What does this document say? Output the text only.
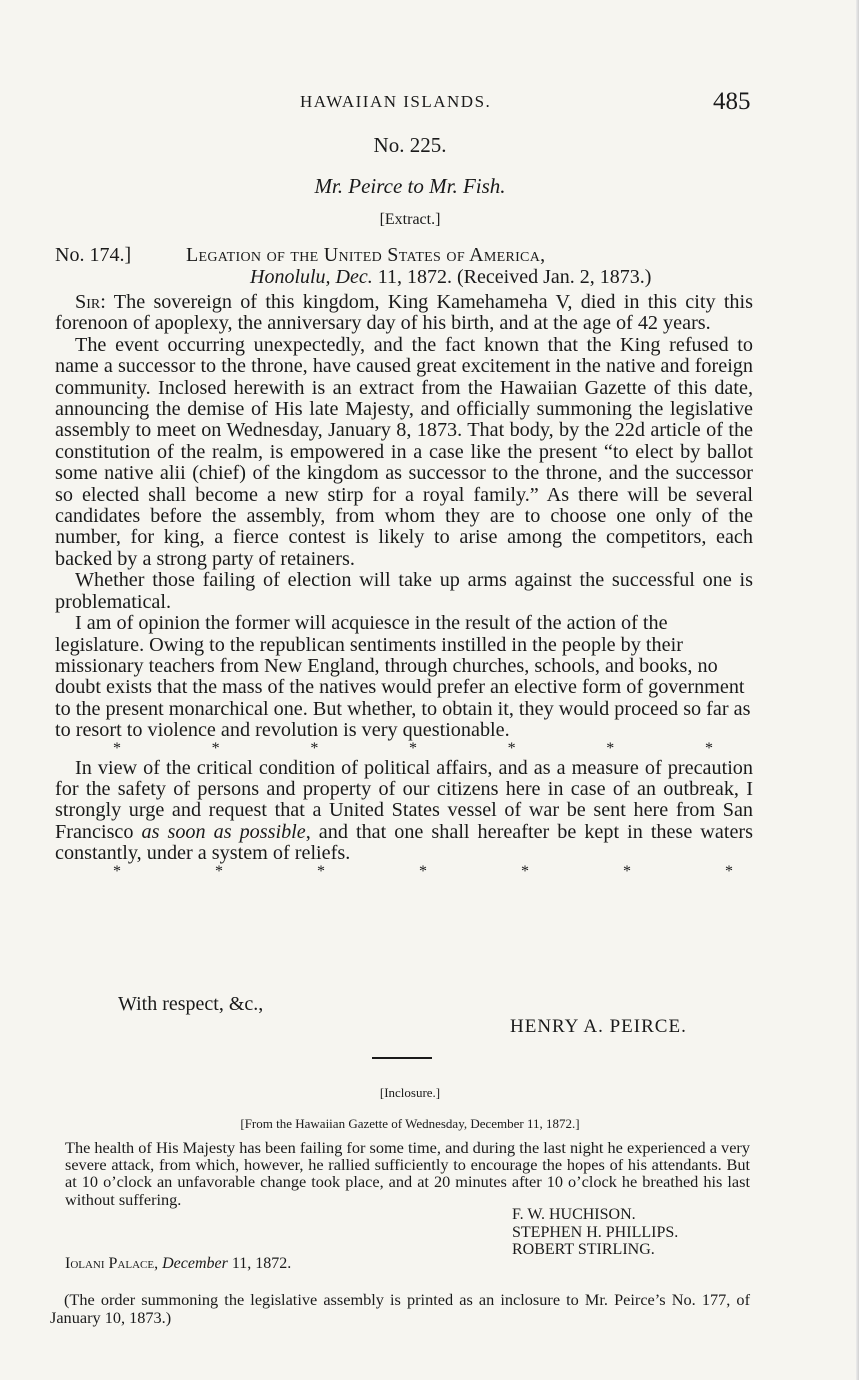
HAWAIIAN ISLANDS.	485
No. 225.
Mr. Peirce to Mr. Fish.
[Extract.]
No. 174.]	Legation of the United States of America,
Honolulu, Dec. 11, 1872. (Received Jan. 2, 1873.)

Sir: The sovereign of this kingdom, King Kamehameha V, died in this city this forenoon of apoplexy, the anniversary day of his birth, and at the age of 42 years.

The event occurring unexpectedly, and the fact known that the King refused to name a successor to the throne, have caused great excitement in the native and foreign community. Inclosed herewith is an extract from the Hawaiian Gazette of this date, announcing the demise of His late Majesty, and officially summoning the legislative assembly to meet on Wednesday, January 8, 1873. That body, by the 22d article of the constitution of the realm, is empowered in a case like the present “to elect by ballot some native alii (chief) of the kingdom as successor to the throne, and the successor so elected shall become a new stirp for a royal family.” As there will be several candidates before the assembly, from whom they are to choose one only of the number, for king, a fierce contest is likely to arise among the competitors, each backed by a strong party of retainers.

Whether those failing of election will take up arms against the successful one is problematical.

I am of opinion the former will acquiesce in the result of the action of the legislature. Owing to the republican sentiments instilled in the people by their missionary teachers from New England, through churches, schools, and books, no doubt exists that the mass of the natives would prefer an elective form of government to the present monarchical one. But whether, to obtain it, they would proceed so far as to resort to violence and revolution is very questionable.

*	*	*	*	*	*	*

In view of the critical condition of political affairs, and as a measure of precaution for the safety of persons and property of our citizens here in case of an outbreak, I strongly urge and request that a United States vessel of war be sent here from San Francisco as soon as possible, and that one shall hereafter be kept in these waters constantly, under a system of reliefs.

*	*	*	*	*	*	*
With respect, &c.,
HENRY A. PEIRCE.
[Inclosure.]
[From the Hawaiian Gazette of Wednesday, December 11, 1872.]

The health of His Majesty has been failing for some time, and during the last night he experienced a very severe attack, from which, however, he rallied sufficiently to encourage the hopes of his attendants. But at 10 o’clock an unfavorable change took place, and at 20 minutes after 10 o’clock he breathed his last without suffering.

F. W. HUCHISON.
STEPHEN H. PHILLIPS.
ROBERT STIRLING.
Iolani Palace, December 11, 1872.

(The order summoning the legislative assembly is printed as an inclosure to Mr. Peirce’s No. 177, of January 10, 1873.)
